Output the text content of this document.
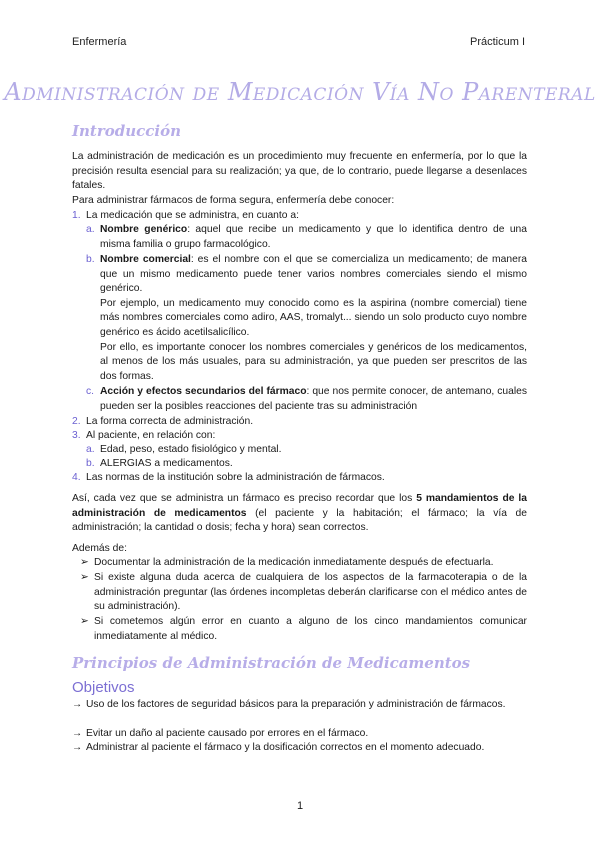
Enfermería	Prácticum I
Administración de Medicación Vía No Parenteral
Introducción
La administración de medicación es un procedimiento muy frecuente en enfermería, por lo que la precisión resulta esencial para su realización; ya que, de lo contrario, puede llegarse a desenlaces fatales.
Para administrar fármacos de forma segura, enfermería debe conocer:
1. La medicación que se administra, en cuanto a:
a. Nombre genérico: aquel que recibe un medicamento y que lo identifica dentro de una misma familia o grupo farmacológico.
b. Nombre comercial: es el nombre con el que se comercializa un medicamento; de manera que un mismo medicamento puede tener varios nombres comerciales siendo el mismo genérico.
Por ejemplo, un medicamento muy conocido como es la aspirina (nombre comercial) tiene más nombres comerciales como adiro, AAS, tromalyt... siendo un solo producto cuyo nombre genérico es ácido acetilsalicílico.
Por ello, es importante conocer los nombres comerciales y genéricos de los medicamentos, al menos de los más usuales, para su administración, ya que pueden ser prescritos de las dos formas.
c. Acción y efectos secundarios del fármaco: que nos permite conocer, de antemano, cuales pueden ser la posibles reacciones del paciente tras su administración
2. La forma correcta de administración.
3. Al paciente, en relación con:
a. Edad, peso, estado fisiológico y mental.
b. ALERGIAS a medicamentos.
4. Las normas de la institución sobre la administración de fármacos.
Así, cada vez que se administra un fármaco es preciso recordar que los 5 mandamientos de la administración de medicamentos (el paciente y la habitación; el fármaco; la vía de administración; la cantidad o dosis; fecha y hora) sean correctos.
Además de:
➢ Documentar la administración de la medicación inmediatamente después de efectuarla.
➢ Si existe alguna duda acerca de cualquiera de los aspectos de la farmacoterapia o de la administración preguntar (las órdenes incompletas deberán clarificarse con el médico antes de su administración).
➢ Si cometemos algún error en cuanto a alguno de los cinco mandamientos comunicar inmediatamente al médico.
Principios de Administración de Medicamentos
Objetivos
→ Uso de los factores de seguridad básicos para la preparación y administración de fármacos.
→ Evitar un daño al paciente causado por errores en el fármaco.
→ Administrar al paciente el fármaco y la dosificación correctos en el momento adecuado.
1
